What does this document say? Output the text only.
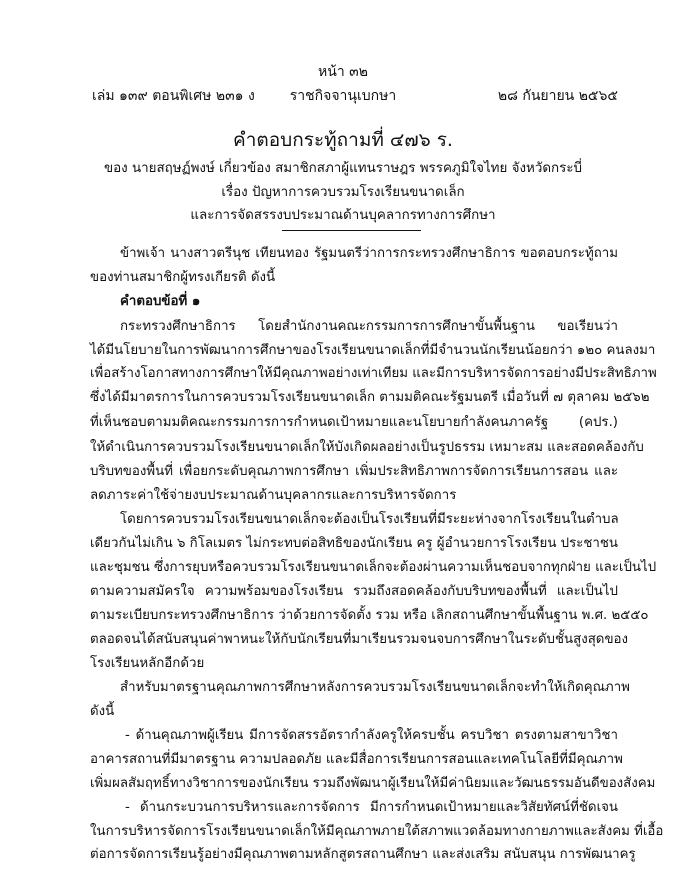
หน้า ๓๒
เล่ม ๑๓๙ ตอนพิเศษ ๒๓๑ ง	ราชกิจจานุเบกษา	๒๘ กันยายน ๒๕๖๕
คำตอบกระทู้ถามที่ ๔๗๖ ร.
ของ นายสฤษฏ์พงษ์ เกี่ยวข้อง สมาชิกสภาผู้แทนราษฎร พรรคภูมิใจไทย จังหวัดกระบี่
เรื่อง ปัญหาการควบรวมโรงเรียนขนาดเล็ก
และการจัดสรรงบประมาณด้านบุคลากรทางการศึกษา
ข้าพเจ้า นางสาวตรีนุช เทียนทอง รัฐมนตรีว่าการกระทรวงศึกษาธิการ ขอตอบกระทู้ถาม
ของท่านสมาชิกผู้ทรงเกียรติ ดังนี้
คำตอบข้อที่ ๑
กระทรวงศึกษาธิการ โดยสำนักงานคณะกรรมการการศึกษาขั้นพื้นฐาน ขอเรียนว่า
ได้มีนโยบายในการพัฒนาการศึกษาของโรงเรียนขนาดเล็กที่มีจำนวนนักเรียนน้อยกว่า ๑๒๐ คนลงมา
เพื่อสร้างโอกาสทางการศึกษาให้มีคุณภาพอย่างเท่าเทียม และมีการบริหารจัดการอย่างมีประสิทธิภาพ
ซึ่งได้มีมาตรการในการควบรวมโรงเรียนขนาดเล็ก ตามมติคณะรัฐมนตรี เมื่อวันที่ ๗ ตุลาคม ๒๕๖๒
ที่เห็นชอบตามมติคณะกรรมการการกำหนดเป้าหมายและนโยบายกำลังคนภาครัฐ (คปร.)
ให้ดำเนินการควบรวมโรงเรียนขนาดเล็กให้บังเกิดผลอย่างเป็นรูปธรรม เหมาะสม และสอดคล้องกับ
บริบทของพื้นที่ เพื่อยกระดับคุณภาพการศึกษา เพิ่มประสิทธิภาพการจัดการเรียนการสอน และ
ลดภาระค่าใช้จ่ายงบประมาณด้านบุคลากรและการบริหารจัดการ
โดยการควบรวมโรงเรียนขนาดเล็กจะต้องเป็นโรงเรียนที่มีระยะห่างจากโรงเรียนในตำบล
เดียวกันไม่เกิน ๖ กิโลเมตร ไม่กระทบต่อสิทธิของนักเรียน ครู ผู้อำนวยการโรงเรียน ประชาชน
และชุมชน ซึ่งการยุบหรือควบรวมโรงเรียนขนาดเล็กจะต้องผ่านความเห็นชอบจากทุกฝ่าย และเป็นไป
ตามความสมัครใจ ความพร้อมของโรงเรียน รวมถึงสอดคล้องกับบริบทของพื้นที่ และเป็นไป
ตามระเบียบกระทรวงศึกษาธิการ ว่าด้วยการจัดตั้ง รวม หรือ เลิกสถานศึกษาขั้นพื้นฐาน พ.ศ. ๒๕๕๐
ตลอดจนได้สนับสนุนค่าพาหนะให้กับนักเรียนที่มาเรียนรวมจนจบการศึกษาในระดับชั้นสูงสุดของ
โรงเรียนหลักอีกด้วย
สำหรับมาตรฐานคุณภาพการศึกษาหลังการควบรวมโรงเรียนขนาดเล็กจะทำให้เกิดคุณภาพ
ดังนี้
- ด้านคุณภาพผู้เรียน มีการจัดสรรอัตรากำลังครูให้ครบชั้น ครบวิชา ตรงตามสาขาวิชา
อาคารสถานที่มีมาตรฐาน ความปลอดภัย และมีสื่อการเรียนการสอนและเทคโนโลยีที่มีคุณภาพ
เพิ่มผลสัมฤทธิ์ทางวิชาการของนักเรียน รวมถึงพัฒนาผู้เรียนให้มีค่านิยมและวัฒนธรรมอันดีของสังคม
- ด้านกระบวนการบริหารและการจัดการ มีการกำหนดเป้าหมายและวิสัยทัศน์ที่ชัดเจน
ในการบริหารจัดการโรงเรียนขนาดเล็กให้มีคุณภาพภายใต้สภาพแวดล้อมทางกายภาพและสังคม ที่เอื้อ
ต่อการจัดการเรียนรู้อย่างมีคุณภาพตามหลักสูตรสถานศึกษา และส่งเสริม สนับสนุน การพัฒนาครู
